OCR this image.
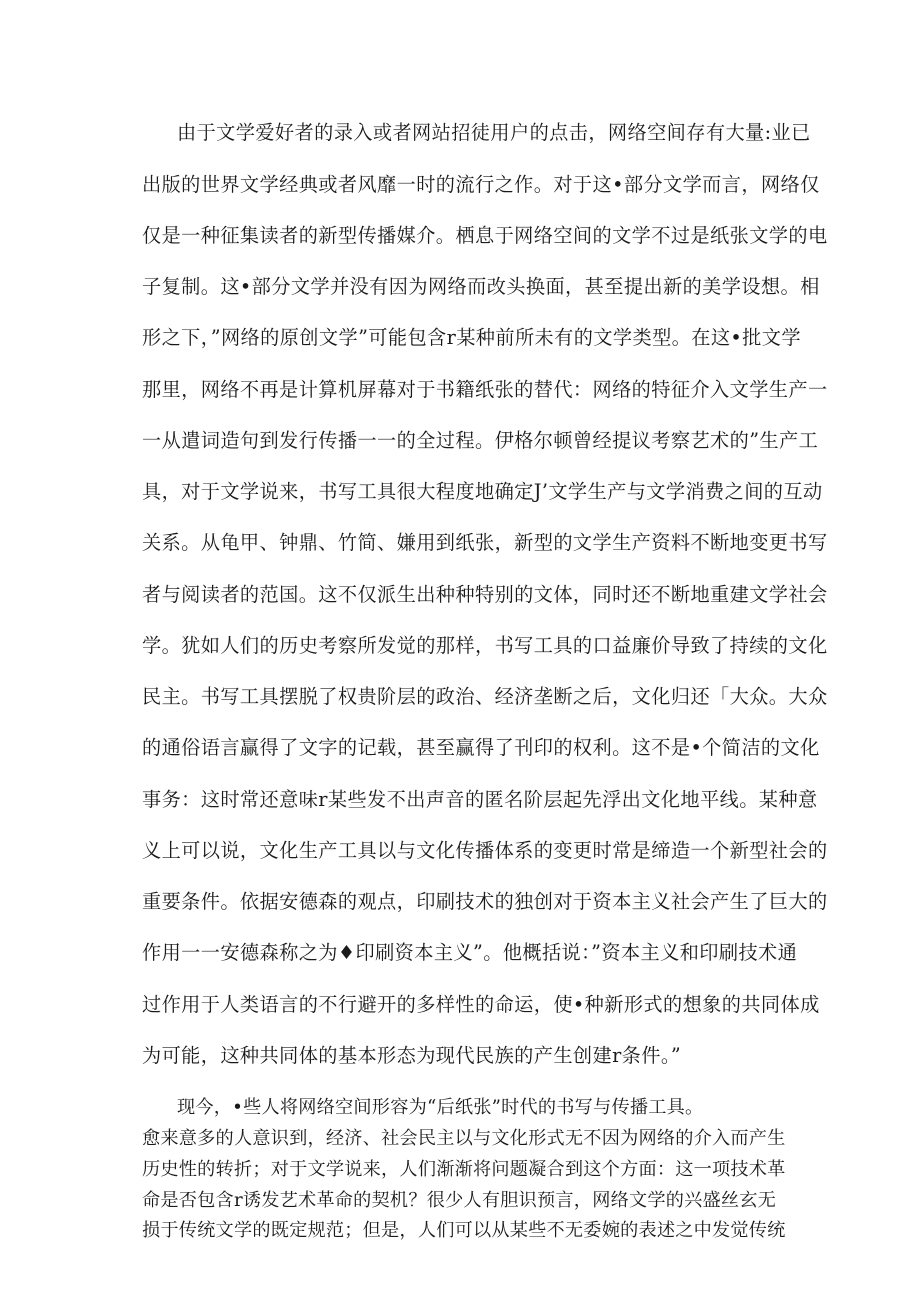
由于文学爱好者的录入或者网站招徒用户的点击，网络空间存有大量:业已

出版的世界文学经典或者风靡一时的流行之作。对于这•部分文学而言，网络仅

仅是一种征集读者的新型传播媒介。栖息于网络空间的文学不过是纸张文学的电

子复制。这•部分文学并没有因为网络而改头换面，甚至提出新的美学设想。相

形之下，”网络的原创文学”可能包含r某种前所未有的文学类型。在这•批文学

那里，网络不再是计算机屏幕对于书籍纸张的替代：网络的特征介入文学生产一

一从遣词造句到发行传播一一的全过程。伊格尔顿曾经提议考察艺术的”生产工

具，对于文学说来，书写工具很大程度地确定J’文学生产与文学消费之间的互动

关系。从龟甲、钟鼎、竹简、嫌用到纸张，新型的文学生产资料不断地变更书写

者与阅读者的范国。这不仅派生出种种特别的文体，同时还不断地重建文学社会

学。犹如人们的历史考察所发觉的那样，书写工具的口益廉价导致了持续的文化

民主。书写工具摆脱了权贵阶层的政治、经济垄断之后，文化归还「大众。大众

的通俗语言赢得了文字的记载，甚至赢得了刊印的权利。这不是•个简洁的文化

事务：这时常还意味r某些发不出声音的匿名阶层起先浮出文化地平线。某种意

义上可以说，文化生产工具以与文化传播体系的变更时常是缔造一个新型社会的

重要条件。依据安德森的观点，印刷技术的独创对于资本主义社会产生了巨大的

作用一一安德森称之为♦印刷资本主义”。他概括说：”资本主义和印刷技术通

过作用于人类语言的不行避开的多样性的命运，使•种新形式的想象的共同体成

为可能，这种共同体的基本形态为现代民族的产生创建r条件。”

现今，•些人将网络空间形容为“后纸张”时代的书写与传播工具。

愈来意多的人意识到，经济、社会民主以与文化形式无不因为网络的介入而产生

历史性的转折；对于文学说来，人们渐渐将问题凝合到这个方面：这一项技术革

命是否包含r诱发艺术革命的契机？很少人有胆识预言，网络文学的兴盛丝玄无

损于传统文学的既定规范；但是，人们可以从某些不无委婉的表述之中发觉传统
